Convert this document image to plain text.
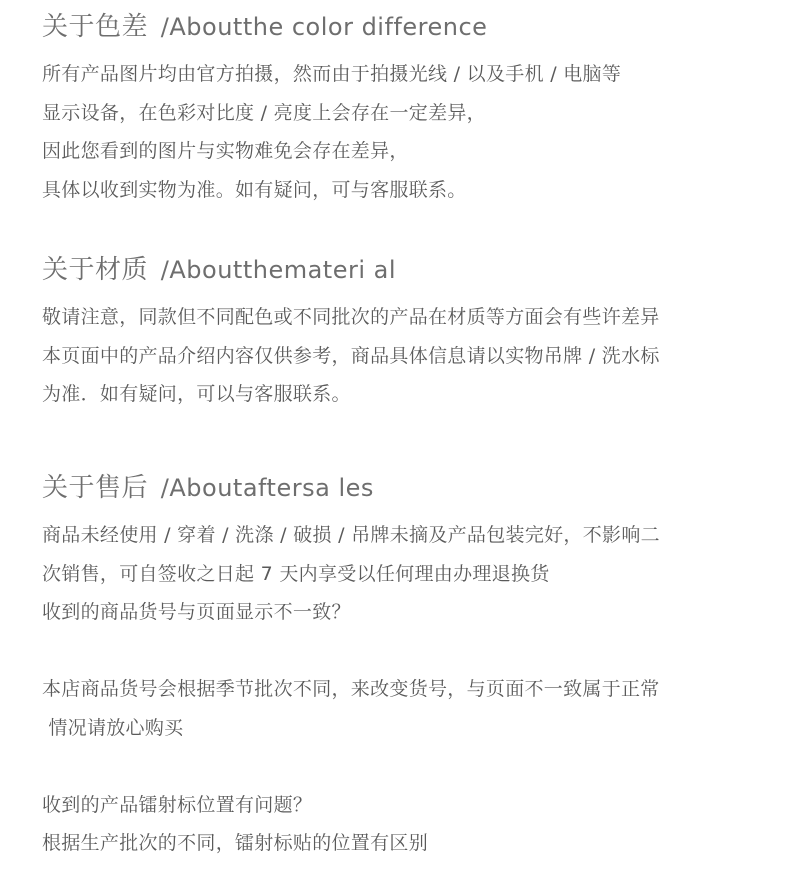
关于色差 /Aboutthe color difference
所有产品图片均由官方拍摄，然而由于拍摄光线 / 以及手机 / 电脑等
显示设备，在色彩对比度 / 亮度上会存在一定差异，
因此您看到的图片与实物难免会存在差异，
具体以收到实物为准。如有疑问，可与客服联系。
关于材质 /Aboutthemateri al
敬请注意，同款但不同配色或不同批次的产品在材质等方面会有些许差异
本页面中的产品介绍内容仅供参考，商品具体信息请以实物吊牌 / 洗水标
为准．如有疑问，可以与客服联系。
关于售后 /Aboutaftersa les
商品未经使用 / 穿着 / 洗涤 / 破损 / 吊牌未摘及产品包装完好，不影响二
次销售，可自签收之日起 7 天内享受以任何理由办理退换货
收到的商品货号与页面显示不一致？
本店商品货号会根据季节批次不同，来改变货号，与页面不一致属于正常
情况请放心购买
收到的产品镭射标位置有问题？
根据生产批次的不同，镭射标贴的位置有区别
